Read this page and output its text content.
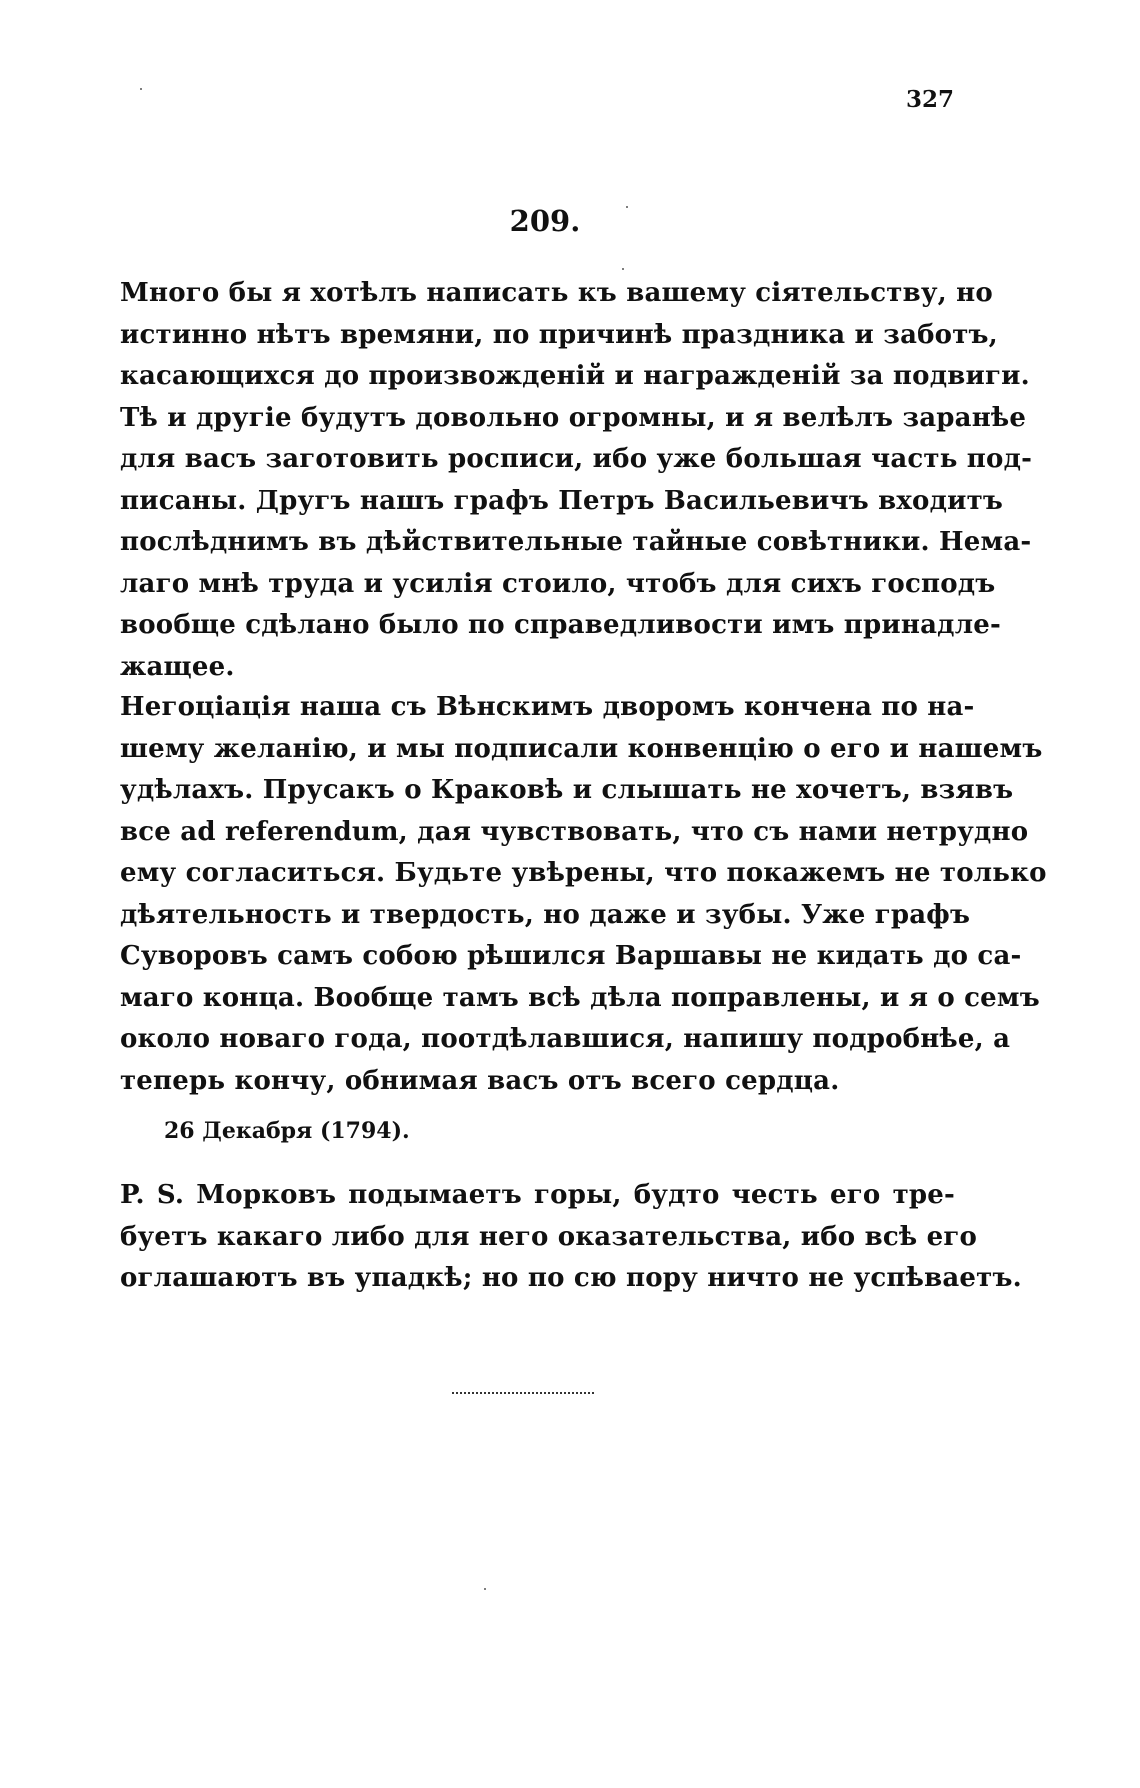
327
209.
Много бы я хотѣлъ написать къ вашему сіятельству, но
истинно нѣтъ времяни, по причинѣ праздника и заботъ,
касающихся до произвожденій и награжденій за подвиги.
Тѣ и другіе будутъ довольно огромны, и я велѣлъ заранѣе
для васъ заготовить росписи, ибо уже большая часть под-
писаны. Другъ нашъ графъ Петръ Васильевичъ входитъ
послѣднимъ въ дѣйствительные тайные совѣтники. Нема-
лаго мнѣ труда и усилія стоило, чтобъ для сихъ господъ
вообще сдѣлано было по справедливости имъ принадле-
жащее.
Негоціація наша съ Вѣнскимъ дворомъ кончена по на-
шему желанію, и мы подписали конвенцію о его и нашемъ
удѣлахъ. Прусакъ о Краковѣ и слышать не хочетъ, взявъ
все ad referendum, дая чувствовать, что съ нами нетрудно
ему согласиться. Будьте увѣрены, что покажемъ не только
дѣятельность и твердость, но даже и зубы. Уже графъ
Суворовъ самъ собою рѣшился Варшавы не кидать до са-
маго конца. Вообще тамъ всѣ дѣла поправлены, и я о семъ
около новаго года, поотдѣлавшися, напишу подробнѣе, а
теперь кончу, обнимая васъ отъ всего сердца.
26 Декабря (1794).
P. S. Морковъ подымаетъ горы, будто честь его тре-
буетъ какаго либо для него оказательства, ибо всѣ его
оглашаютъ въ упадкѣ; но по сю пору ничто не успѣваетъ.
